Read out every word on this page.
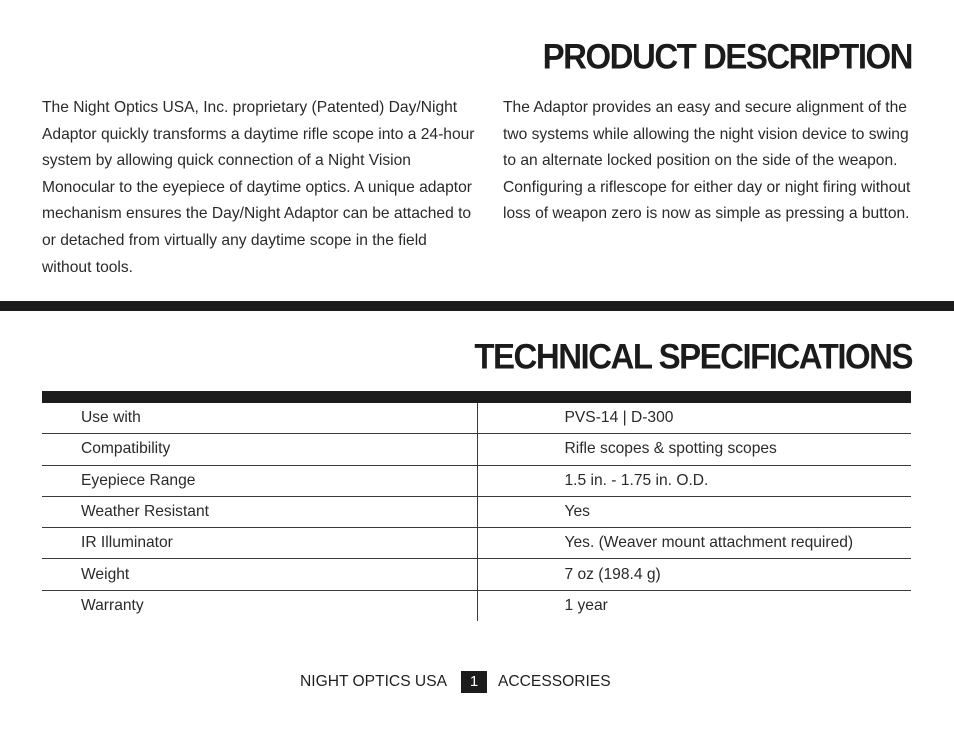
PRODUCT DESCRIPTION
The Night Optics USA, Inc. proprietary (Patented) Day/Night Adaptor quickly transforms a daytime rifle scope into a 24-hour system by allowing quick connection of a Night Vision Monocular to the eyepiece of daytime optics. A unique adaptor mechanism ensures the Day/Night Adaptor can be attached to or detached from virtually any daytime scope in the field without tools.
The Adaptor provides an easy and secure alignment of the two systems while allowing the night vision device to swing to an alternate locked position on the side of the weapon. Configuring a riflescope for either day or night firing without loss of weapon zero is now as simple as pressing a button.
TECHNICAL SPECIFICATIONS
Use with	PVS-14 | D-300
Compatibility	Rifle scopes & spotting scopes
Eyepiece Range	1.5 in. - 1.75 in. O.D.
Weather Resistant	Yes
IR Illuminator	Yes. (Weaver mount attachment required)
Weight	7 oz (198.4 g)
Warranty	1 year
NIGHT OPTICS USA	1	ACCESSORIES
